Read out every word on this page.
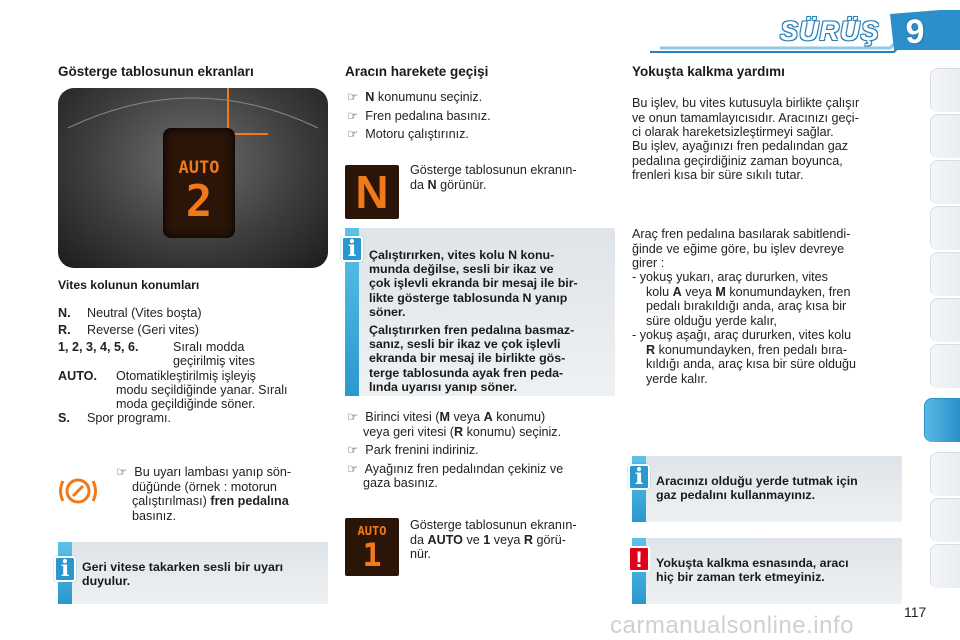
SÜRÜŞ 9
Gösterge tablosunun ekranları
AUTO
2
Vites kolunun konumları
N. Neutral (Vites boşta)
R. Reverse (Geri vites)
1, 2, 3, 4, 5, 6.	Sıralı modda
geçirilmiş vites
AUTO. Otomatikleştirilmiş işleyiş
modu seçildiğinde yanar. Sıralı
moda geçildiğinde söner.
S. Spor programı.
☞ Bu uyarı lambası yanıp sön-
düğünde (örnek : motorun
çalıştırılması) fren pedalına
basınız.
i	Geri vitese takarken sesli bir uyarı
duyulur.
Aracın harekete geçişi
☞ N konumunu seçiniz.
☞ Fren pedalına basınız.
☞ Motoru çalıştırınız.
N	Gösterge tablosunun ekranın-
da N görünür.
i	Çalıştırırken, vites kolu N konu-
munda değilse, sesli bir ikaz ve
çok işlevli ekranda bir mesaj ile bir-
likte gösterge tablosunda N yanıp
söner.
Çalıştırırken fren pedalına basmaz-
sanız, sesli bir ikaz ve çok işlevli
ekranda bir mesaj ile birlikte gös-
terge tablosunda ayak fren peda-
lında uyarısı yanıp söner.
☞ Birinci vitesi (M veya A konumu)
veya geri vitesi (R konumu) seçiniz.
☞ Park frenini indiriniz.
☞ Ayağınız fren pedalından çekiniz ve
gaza basınız.
AUTO
1
Gösterge tablosunun ekranın-
da AUTO ve 1 veya R görü-
nür.
Yokuşta kalkma yardımı
Bu işlev, bu vites kutusuyla birlikte çalışır
ve onun tamamlayıcısıdır. Aracınızı geçi-
ci olarak hareketsizleştirmeyi sağlar.
Bu işlev, ayağınızı fren pedalından gaz
pedalına geçirdiğiniz zaman boyunca,
frenleri kısa bir süre sıkılı tutar.
Araç fren pedalına basılarak sabitlendi-
ğinde ve eğime göre, bu işlev devreye
girer :
- yokuş yukarı, araç dururken, vites
kolu A veya M konumundayken, fren
pedalı bırakıldığı anda, araç kısa bir
süre olduğu yerde kalır,
- yokuş aşağı, araç dururken, vites kolu
R konumundayken, fren pedalı bıra-
kıldığı anda, araç kısa bir süre olduğu
yerde kalır.
i	Aracınızı olduğu yerde tutmak için
gaz pedalını kullanmayınız.
!	Yokuşta kalkma esnasında, aracı
hiç bir zaman terk etmeyiniz.
carmanualsonline.info	117
